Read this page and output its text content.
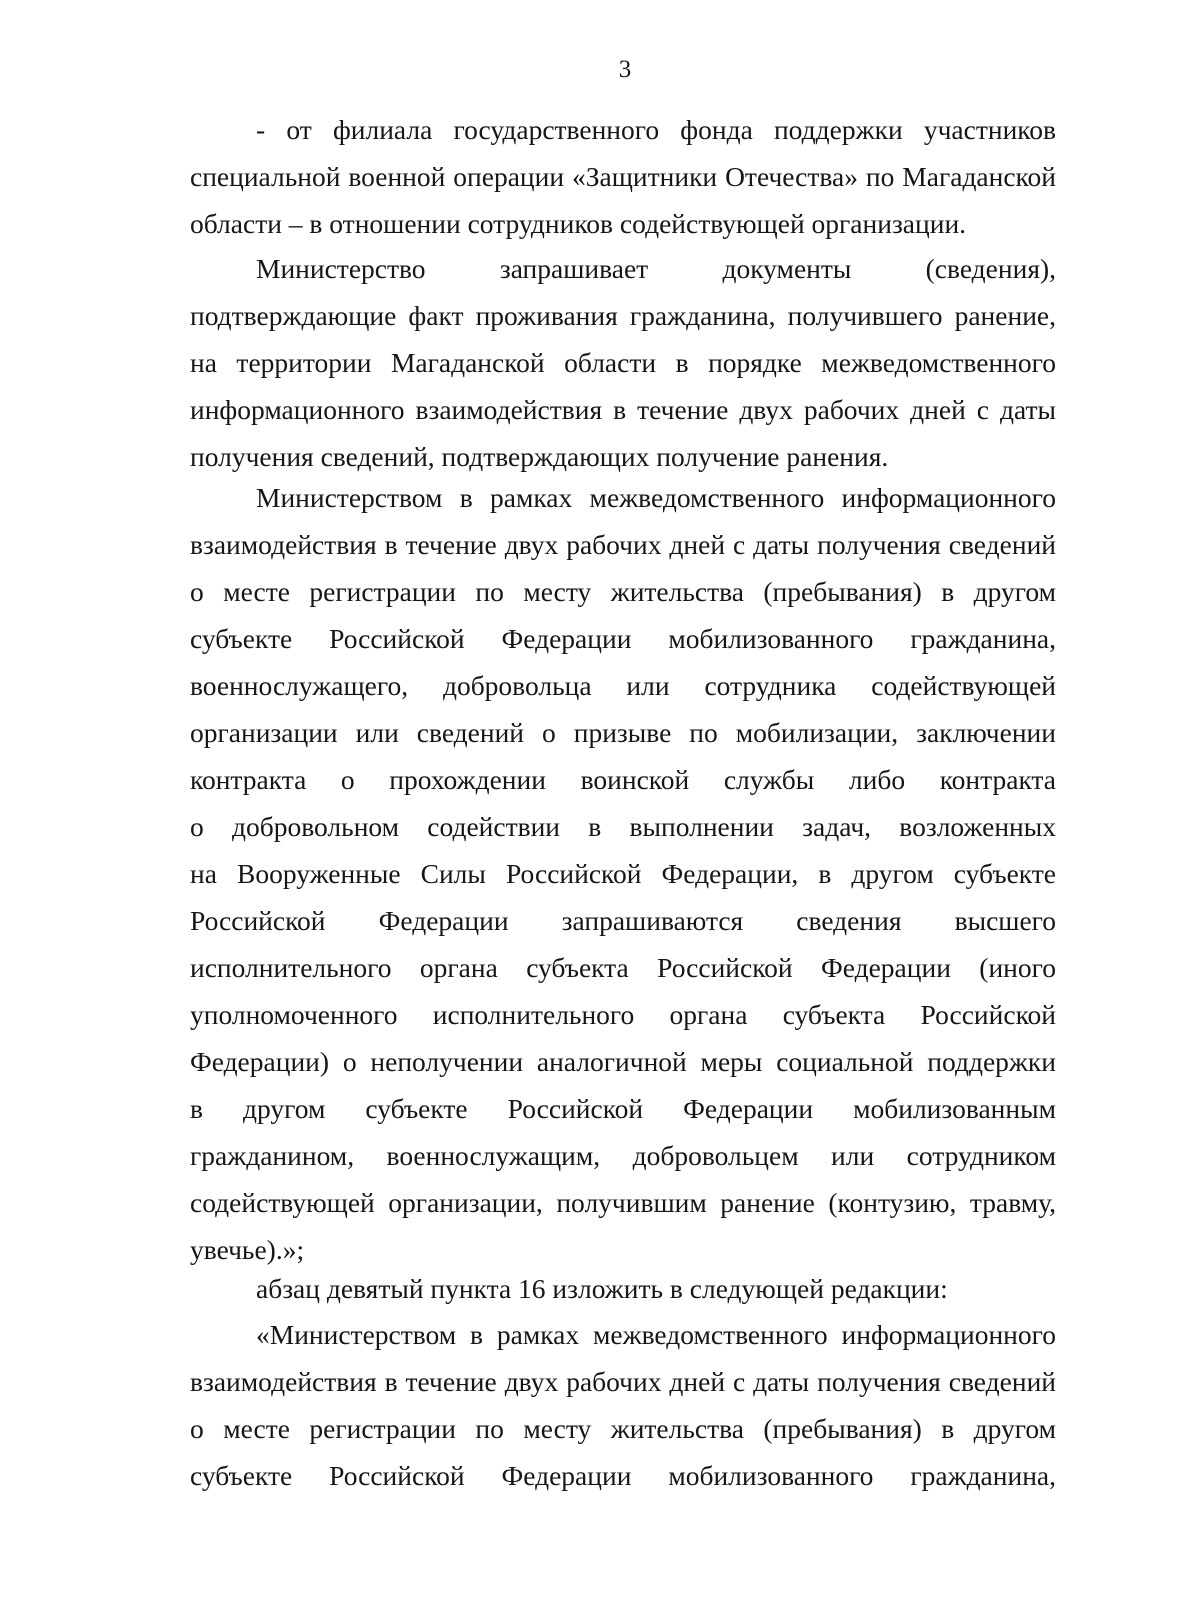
3
- от филиала государственного фонда поддержки участников
специальной военной операции «Защитники Отечества» по Магаданской
области – в отношении сотрудников содействующей организации.
Министерство запрашивает документы (сведения),
подтверждающие факт проживания гражданина, получившего ранение,
на территории Магаданской области в порядке межведомственного
информационного взаимодействия в течение двух рабочих дней с даты
получения сведений, подтверждающих получение ранения.
Министерством в рамках межведомственного информационного
взаимодействия в течение двух рабочих дней с даты получения сведений
о месте регистрации по месту жительства (пребывания) в другом
субъекте Российской Федерации мобилизованного гражданина,
военнослужащего, добровольца или сотрудника содействующей
организации или сведений о призыве по мобилизации, заключении
контракта о прохождении воинской службы либо контракта
о добровольном содействии в выполнении задач, возложенных
на Вооруженные Силы Российской Федерации, в другом субъекте
Российской Федерации запрашиваются сведения высшего
исполнительного органа субъекта Российской Федерации (иного
уполномоченного исполнительного органа субъекта Российской
Федерации) о неполучении аналогичной меры социальной поддержки
в другом субъекте Российской Федерации мобилизованным
гражданином, военнослужащим, добровольцем или сотрудником
содействующей организации, получившим ранение (контузию, травму,
увечье).»;
абзац девятый пункта 16 изложить в следующей редакции:
«Министерством в рамках межведомственного информационного
взаимодействия в течение двух рабочих дней с даты получения сведений
о месте регистрации по месту жительства (пребывания) в другом
субъекте Российской Федерации мобилизованного гражданина,
